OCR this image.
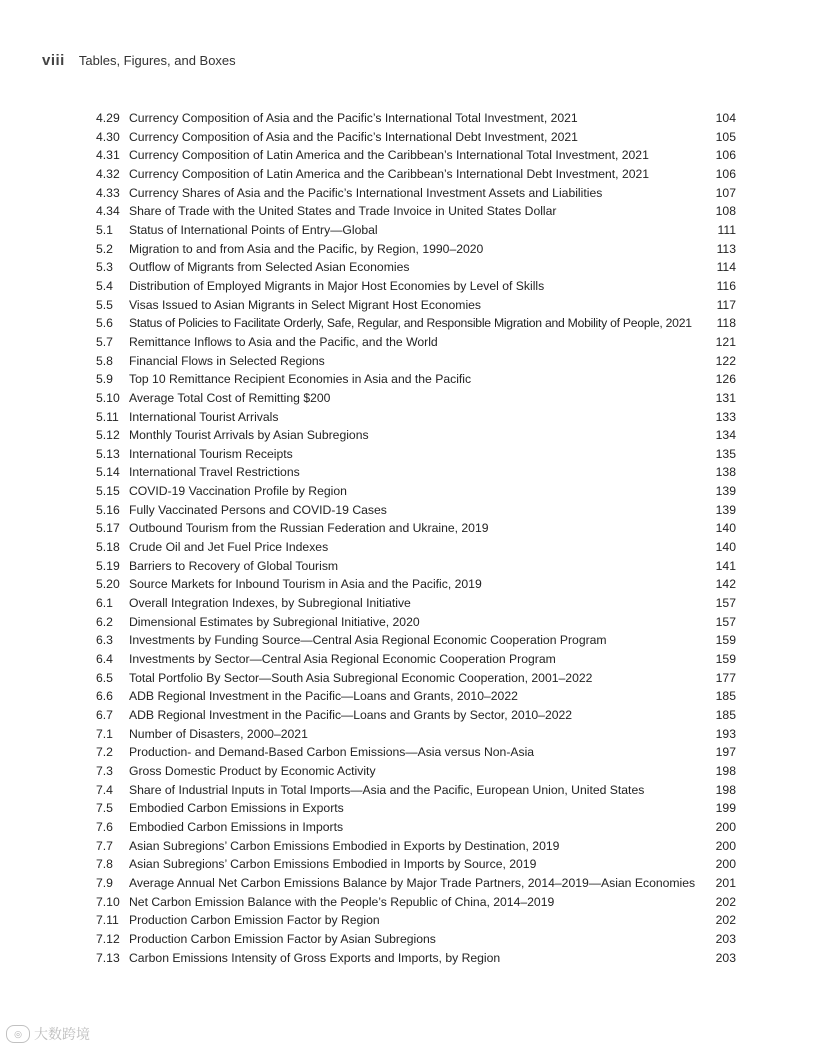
viii Tables, Figures, and Boxes
4.29 Currency Composition of Asia and the Pacific’s International Total Investment, 2021	104
4.30 Currency Composition of Asia and the Pacific’s International Debt Investment, 2021	105
4.31 Currency Composition of Latin America and the Caribbean’s International Total Investment, 2021	106
4.32 Currency Composition of Latin America and the Caribbean’s International Debt Investment, 2021	106
4.33 Currency Shares of Asia and the Pacific’s International Investment Assets and Liabilities	107
4.34 Share of Trade with the United States and Trade Invoice in United States Dollar	108
5.1	Status of International Points of Entry—Global	111
5.2	Migration to and from Asia and the Pacific, by Region, 1990–2020	113
5.3	Outflow of Migrants from Selected Asian Economies	114
5.4	Distribution of Employed Migrants in Major Host Economies by Level of Skills	116
5.5	Visas Issued to Asian Migrants in Select Migrant Host Economies	117
5.6	Status of Policies to Facilitate Orderly, Safe, Regular, and Responsible Migration and Mobility of People, 2021	118
5.7	Remittance Inflows to Asia and the Pacific, and the World	121
5.8	Financial Flows in Selected Regions	122
5.9	Top 10 Remittance Recipient Economies in Asia and the Pacific	126
5.10 Average Total Cost of Remitting $200	131
5.11 International Tourist Arrivals	133
5.12 Monthly Tourist Arrivals by Asian Subregions	134
5.13 International Tourism Receipts	135
5.14 International Travel Restrictions	138
5.15 COVID-19 Vaccination Profile by Region	139
5.16 Fully Vaccinated Persons and COVID-19 Cases	139
5.17 Outbound Tourism from the Russian Federation and Ukraine, 2019	140
5.18 Crude Oil and Jet Fuel Price Indexes	140
5.19 Barriers to Recovery of Global Tourism	141
5.20 Source Markets for Inbound Tourism in Asia and the Pacific, 2019	142
6.1	Overall Integration Indexes, by Subregional Initiative	157
6.2	Dimensional Estimates by Subregional Initiative, 2020	157
6.3	Investments by Funding Source—Central Asia Regional Economic Cooperation Program	159
6.4	Investments by Sector—Central Asia Regional Economic Cooperation Program	159
6.5	Total Portfolio By Sector—South Asia Subregional Economic Cooperation, 2001–2022	177
6.6	ADB Regional Investment in the Pacific—Loans and Grants, 2010–2022	185
6.7	ADB Regional Investment in the Pacific—Loans and Grants by Sector, 2010–2022	185
7.1	Number of Disasters, 2000–2021	193
7.2	Production- and Demand-Based Carbon Emissions—Asia versus Non-Asia	197
7.3	Gross Domestic Product by Economic Activity	198
7.4	Share of Industrial Inputs in Total Imports—Asia and the Pacific, European Union, United States	198
7.5	Embodied Carbon Emissions in Exports	199
7.6	Embodied Carbon Emissions in Imports	200
7.7	Asian Subregions’ Carbon Emissions Embodied in Exports by Destination, 2019	200
7.8	Asian Subregions’ Carbon Emissions Embodied in Imports by Source, 2019	200
7.9	Average Annual Net Carbon Emissions Balance by Major Trade Partners, 2014–2019—Asian Economies	201
7.10 Net Carbon Emission Balance with the People’s Republic of China, 2014–2019	202
7.11 Production Carbon Emission Factor by Region	202
7.12 Production Carbon Emission Factor by Asian Subregions	203
7.13 Carbon Emissions Intensity of Gross Exports and Imports, by Region	203
◎ 大数跨境
